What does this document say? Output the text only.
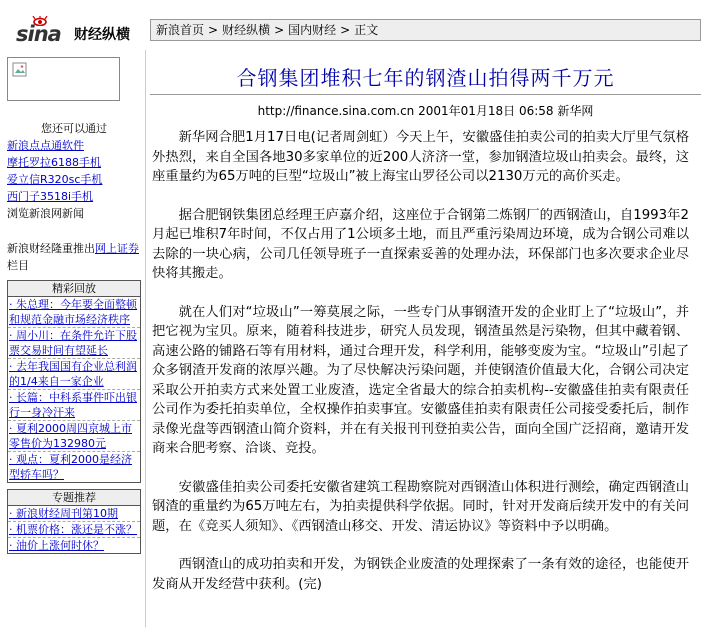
sina 财经纵横	新浪首页 > 财经纵横 > 国内财经 > 正文
您还可以通过
新浪点点通软件
摩托罗拉6188手机
爱立信R320sc手机
西门子3518i手机
浏览新浪网新闻
新浪财经隆重推出网上证券栏目
精彩回放
· 朱总理：今年要全面整顿和规范金融市场经济秩序
· 周小川：在条件允许下股票交易时间有望延长
· 去年我国国有企业总利润的1/4来自一家企业
· 长篇：中科系事件吓出银行一身冷汗来
· 夏利2000周四京城上市零售价为132980元
· 观点：夏利2000是经济型轿车吗？
专题推荐
· 新浪财经周刊第10期
· 机票价格：涨还是不涨？
· 油价上涨何时休？
合钢集团堆积七年的钢渣山拍得两千万元
http://finance.sina.com.cn 2001年01月18日 06:58 新华网

新华网合肥1月17日电(记者周剑虹）今天上午，安徽盛佳拍卖公司的拍卖大厅里气氛格外热烈，来自全国各地30多家单位的近200人济济一堂，参加钢渣垃圾山拍卖会。最终，这座重量约为65万吨的巨型“垃圾山”被上海宝山罗径公司以2130万元的高价买走。

据合肥钢铁集团总经理王庐嘉介绍，这座位于合钢第二炼钢厂的西钢渣山，自1993年2月起已堆积7年时间，不仅占用了1公顷多土地，而且严重污染周边环境，成为合钢公司难以去除的一块心病，公司几任领导班子一直探索妥善的处理办法，环保部门也多次要求企业尽快将其搬走。

就在人们对“垃圾山”一筹莫展之际，一些专门从事钢渣开发的企业盯上了“垃圾山”，并把它视为宝贝。原来，随着科技进步，研究人员发现，钢渣虽然是污染物，但其中藏着钢、高速公路的铺路石等有用材料，通过合理开发，科学利用，能够变废为宝。“垃圾山”引起了众多钢渣开发商的浓厚兴趣。为了尽快解决污染问题，并使钢渣价值最大化，合钢公司决定采取公开拍卖方式来处置工业废渣，选定全省最大的综合拍卖机构--安徽盛佳拍卖有限责任公司作为委托拍卖单位，全权操作拍卖事宜。安徽盛佳拍卖有限责任公司接受委托后，制作录像光盘等西钢渣山简介资料，并在有关报刊刊登拍卖公告，面向全国广泛招商，邀请开发商来合肥考察、洽谈、竞投。

安徽盛佳拍卖公司委托安徽省建筑工程勘察院对西钢渣山体积进行测绘，确定西钢渣山钢渣的重量约为65万吨左右，为拍卖提供科学依据。同时，针对开发商后续开发中的有关问题，在《竞买人须知》、《西钢渣山移交、开发、清运协议》等资料中予以明确。

西钢渣山的成功拍卖和开发，为钢铁企业废渣的处理探索了一条有效的途径，也能使开发商从开发经营中获利。(完)
